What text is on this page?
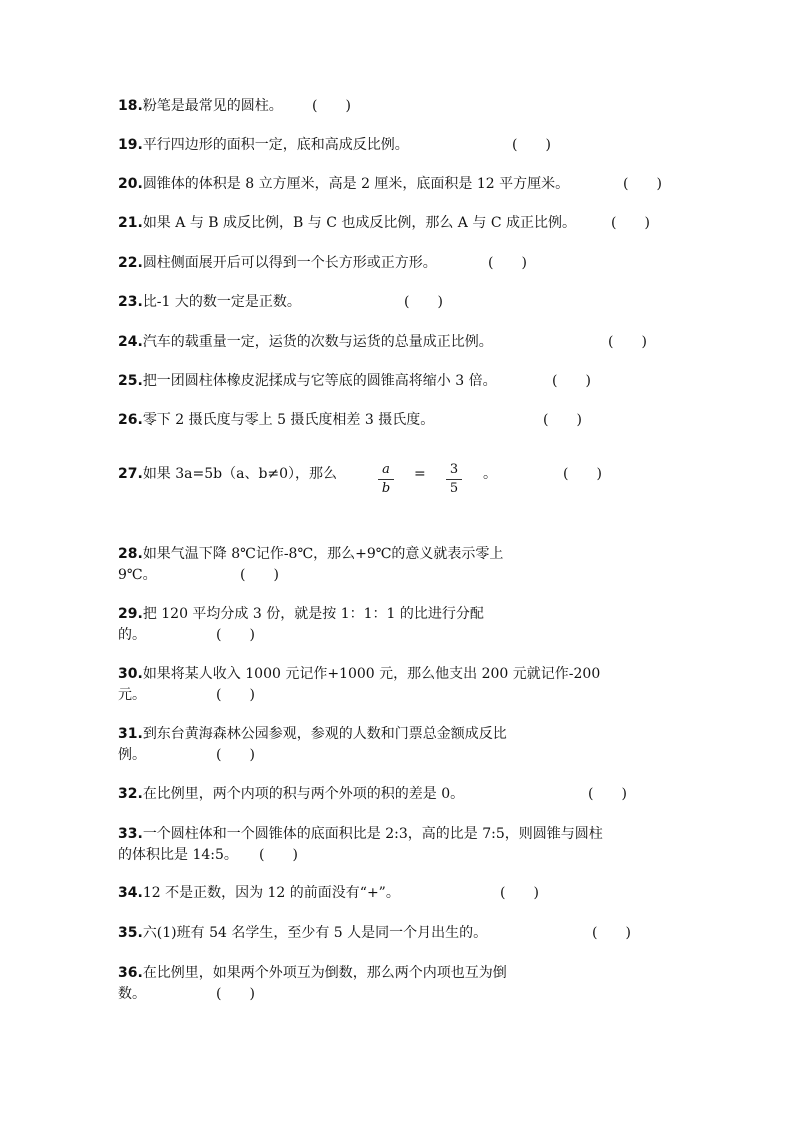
18.粉笔是最常见的圆柱。 (　　)
19.平行四边形的面积一定，底和高成反比例。	(　　)
20.圆锥体的体积是 8 立方厘米，高是 2 厘米，底面积是 12 平方厘米。	(　　)
21.如果 A 与 B 成反比例，B 与 C 也成反比例，那么 A 与 C 成正比例。	(　　)
22.圆柱侧面展开后可以得到一个长方形或正方形。	(　　)
23.比-1 大的数一定是正数。	(　　)
24.汽车的载重量一定，运货的次数与运货的总量成正比例。	(　　)
25.把一团圆柱体橡皮泥揉成与它等底的圆锥高将缩小 3 倍。	(　　)
26.零下 2 摄氏度与零上 5 摄氏度相差 3 摄氏度。	(　　)
27.如果 3a=5b（a、b≠0），那么	$\frac{a}{b} = \frac{3}{5}$ 。	(　　)
28.如果气温下降 8℃记作-8℃，那么+9℃的意义就表示零上
9℃。	(　　)
29.把 120 平均分成 3 份，就是按 1：1：1 的比进行分配
的。	(　　)
30.如果将某人收入 1000 元记作+1000 元，那么他支出 200 元就记作-200
元。	(　　)
31.到东台黄海森林公园参观，参观的人数和门票总金额成反比
例。	(　　)
32.在比例里，两个内项的积与两个外项的积的差是 0。	(　　)
33.一个圆柱体和一个圆锥体的底面积比是 2:3，高的比是 7:5，则圆锥与圆柱
的体积比是 14:5。 (　　)
34.12 不是正数，因为 12 的前面没有“+”。	(　　)
35.六(1)班有 54 名学生，至少有 5 人是同一个月出生的。	(　　)
36.在比例里，如果两个外项互为倒数，那么两个内项也互为倒
数。	(　　)
